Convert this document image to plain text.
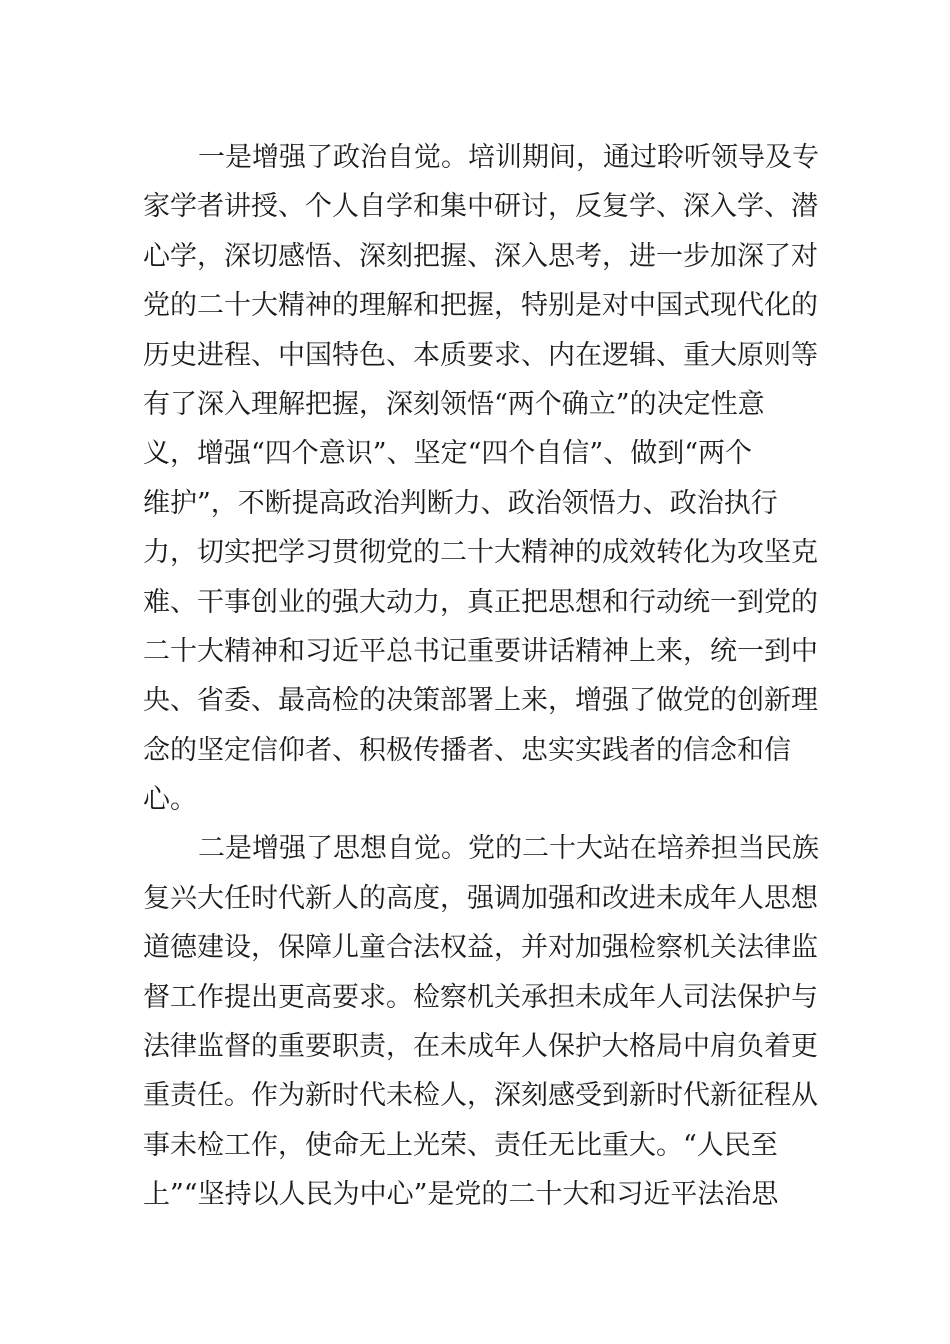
一是增强了政治自觉。培训期间，通过聆听领导及专
家学者讲授、个人自学和集中研讨，反复学、深入学、潜
心学，深切感悟、深刻把握、深入思考，进一步加深了对
党的二十大精神的理解和把握，特别是对中国式现代化的
历史进程、中国特色、本质要求、内在逻辑、重大原则等
有了深入理解把握，深刻领悟“两个确立”的决定性意
义，增强“四个意识”、坚定“四个自信”、做到“两个
维护”，不断提高政治判断力、政治领悟力、政治执行
力，切实把学习贯彻党的二十大精神的成效转化为攻坚克
难、干事创业的强大动力，真正把思想和行动统一到党的
二十大精神和习近平总书记重要讲话精神上来，统一到中
央、省委、最高检的决策部署上来，增强了做党的创新理
念的坚定信仰者、积极传播者、忠实实践者的信念和信
心。
二是增强了思想自觉。党的二十大站在培养担当民族
复兴大任时代新人的高度，强调加强和改进未成年人思想
道德建设，保障儿童合法权益，并对加强检察机关法律监
督工作提出更高要求。检察机关承担未成年人司法保护与
法律监督的重要职责，在未成年人保护大格局中肩负着更
重责任。作为新时代未检人，深刻感受到新时代新征程从
事未检工作，使命无上光荣、责任无比重大。“人民至
上”“坚持以人民为中心”是党的二十大和习近平法治思
